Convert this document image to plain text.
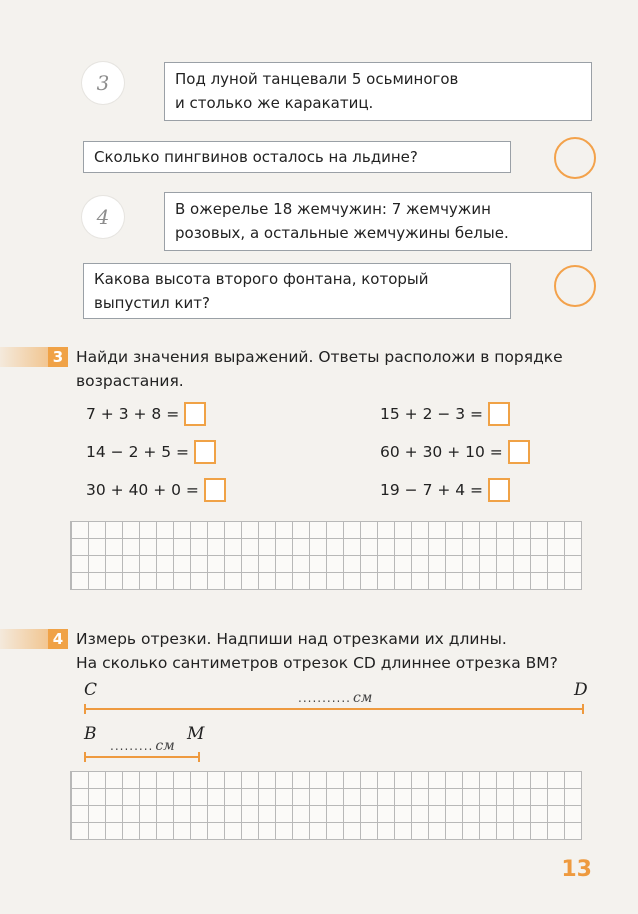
3	Под луной танцевали 5 осьминогов
и столько же каракатиц.
Сколько пингвинов осталось на льдине?
4	В ожерелье 18 жемчужин: 7 жемчужин
розовых, а остальные жемчужины белые.
Какова высота второго фонтана, который
выпустил кит?
3 Найди значения выражений. Ответы расположи в порядке
возрастания.
7 + 3 + 8 =
14 − 2 + 5 =
30 + 40 + 0 =
15 + 2 − 3 =
60 + 30 + 10 =
19 − 7 + 4 =
4 Измерь отрезки. Надпиши над отрезками их длины.
На сколько сантиметров отрезок CD длиннее отрезка BM?
C	D
........... см
B	M
......... см
13
